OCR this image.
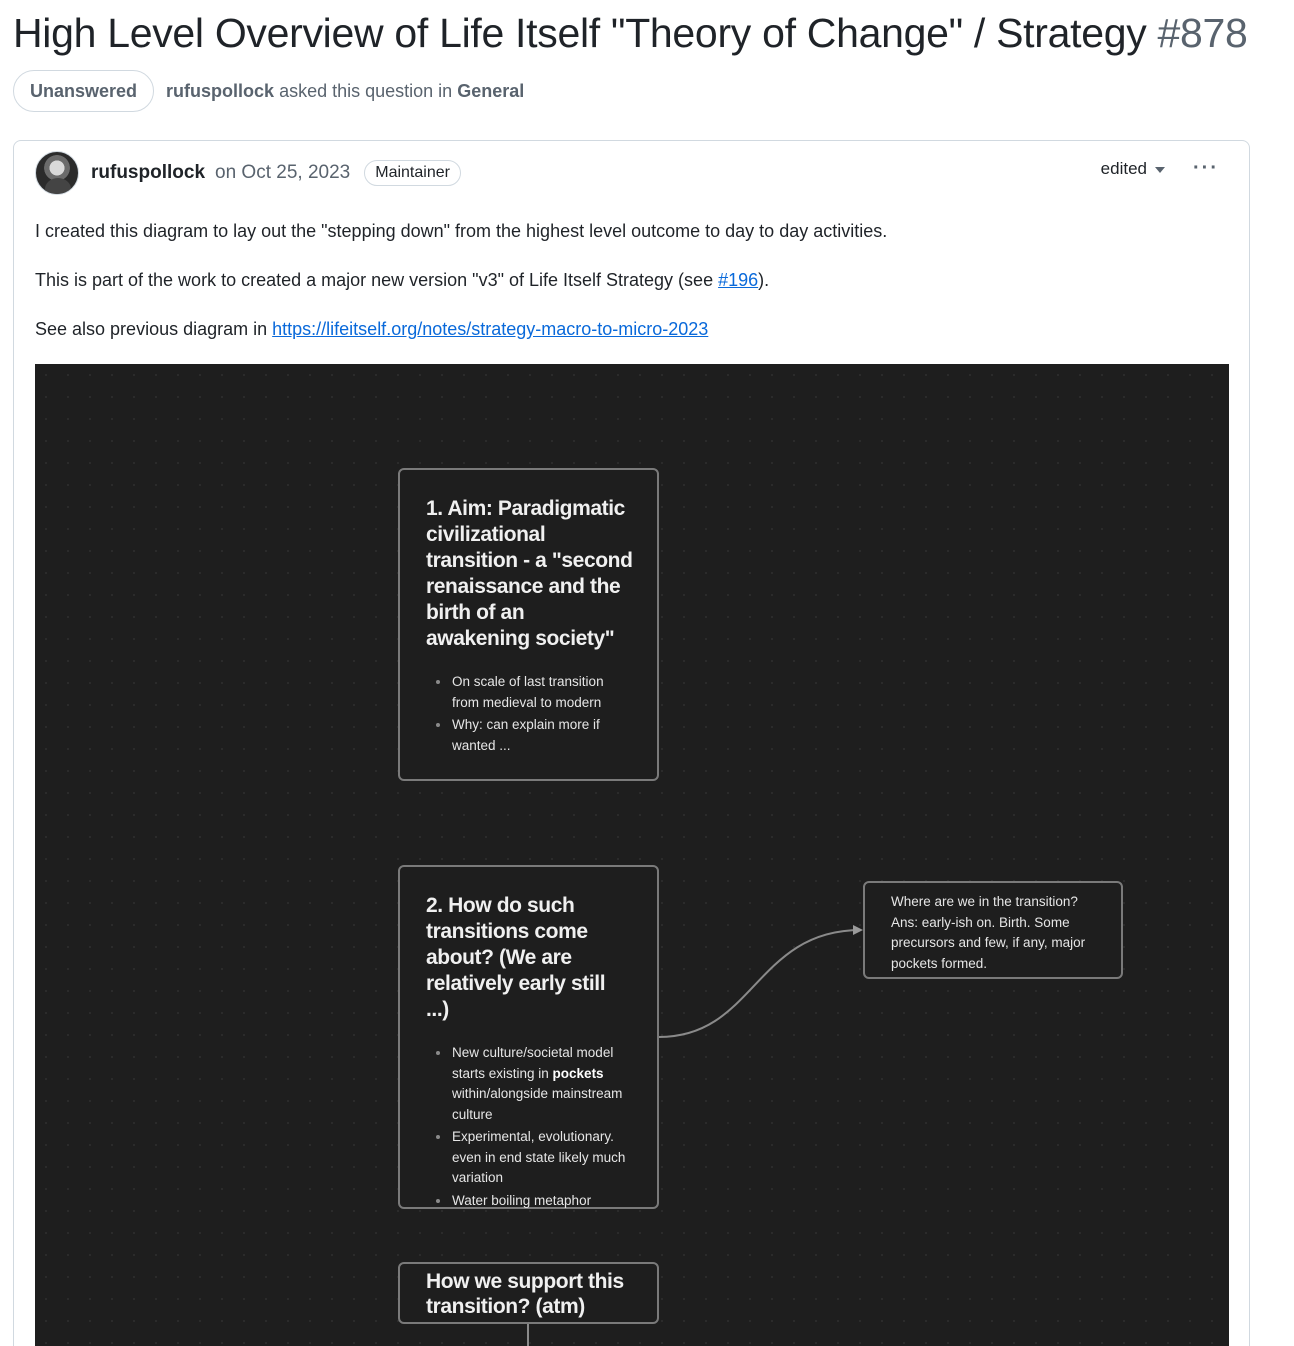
High Level Overview of Life Itself "Theory of Change" / Strategy #878
Unanswered	rufuspollock asked this question in General
rufuspollock on Oct 25, 2023	Maintainer	edited ···
I created this diagram to lay out the "stepping down" from the highest level outcome to day to day activities.
This is part of the work to created a major new version "v3" of Life Itself Strategy (see #196).
See also previous diagram in https://lifeitself.org/notes/strategy-macro-to-micro-2023
1. Aim: Paradigmatic civilizational transition - a "second renaissance and the birth of an awakening society"
On scale of last transition from medieval to modern
Why: can explain more if wanted ...
2. How do such transitions come about? (We are relatively early still ...)
New culture/societal model starts existing in pockets within/alongside mainstream culture
Experimental, evolutionary. even in end state likely much variation
Water boiling metaphor

Where are we in the transition? Ans: early-ish on. Birth. Some precursors and few, if any, major pockets formed.

How we support this transition? (atm)
